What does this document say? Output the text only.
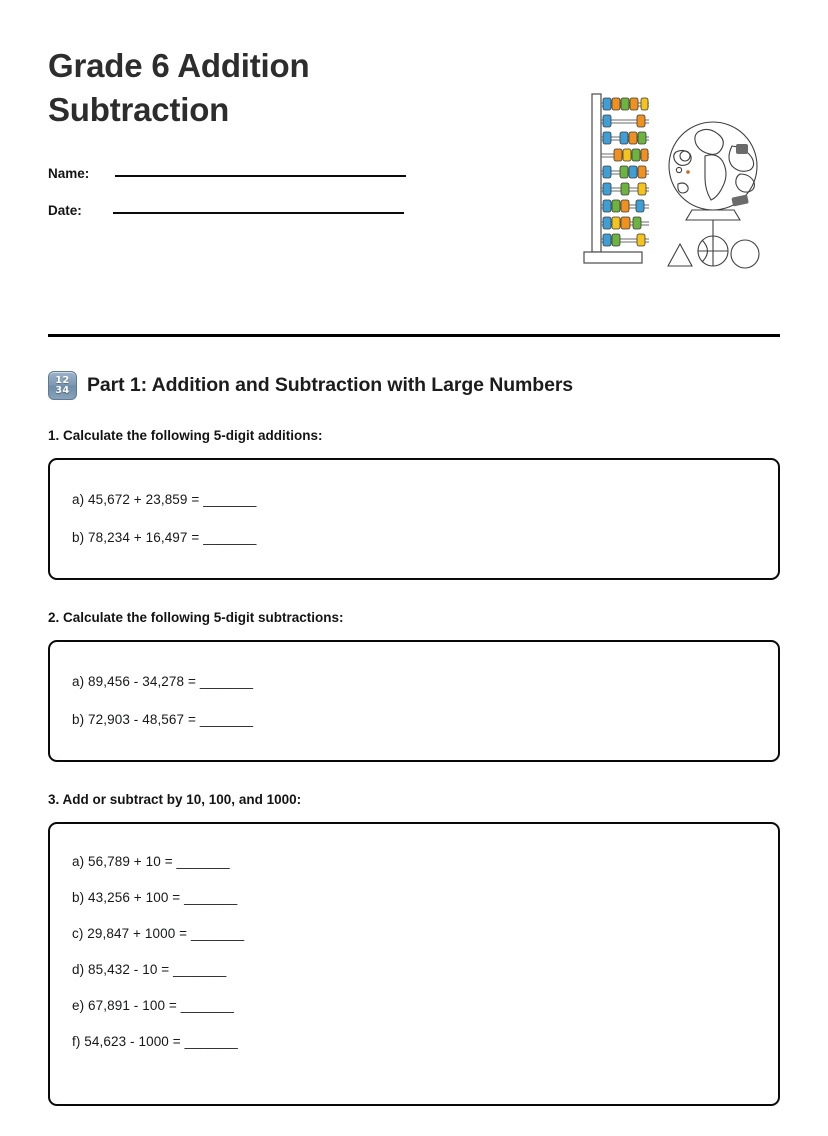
Grade 6 Addition
Subtraction
Name:
Date:
12
34 Part 1: Addition and Subtraction with Large Numbers
1. Calculate the following 5-digit additions:
a) 45,672 + 23,859 = _______
b) 78,234 + 16,497 = _______
2. Calculate the following 5-digit subtractions:
a) 89,456 - 34,278 = _______
b) 72,903 - 48,567 = _______
3. Add or subtract by 10, 100, and 1000:
a) 56,789 + 10 = _______
b) 43,256 + 100 = _______
c) 29,847 + 1000 = _______
d) 85,432 - 10 = _______
e) 67,891 - 100 = _______
f) 54,623 - 1000 = _______
